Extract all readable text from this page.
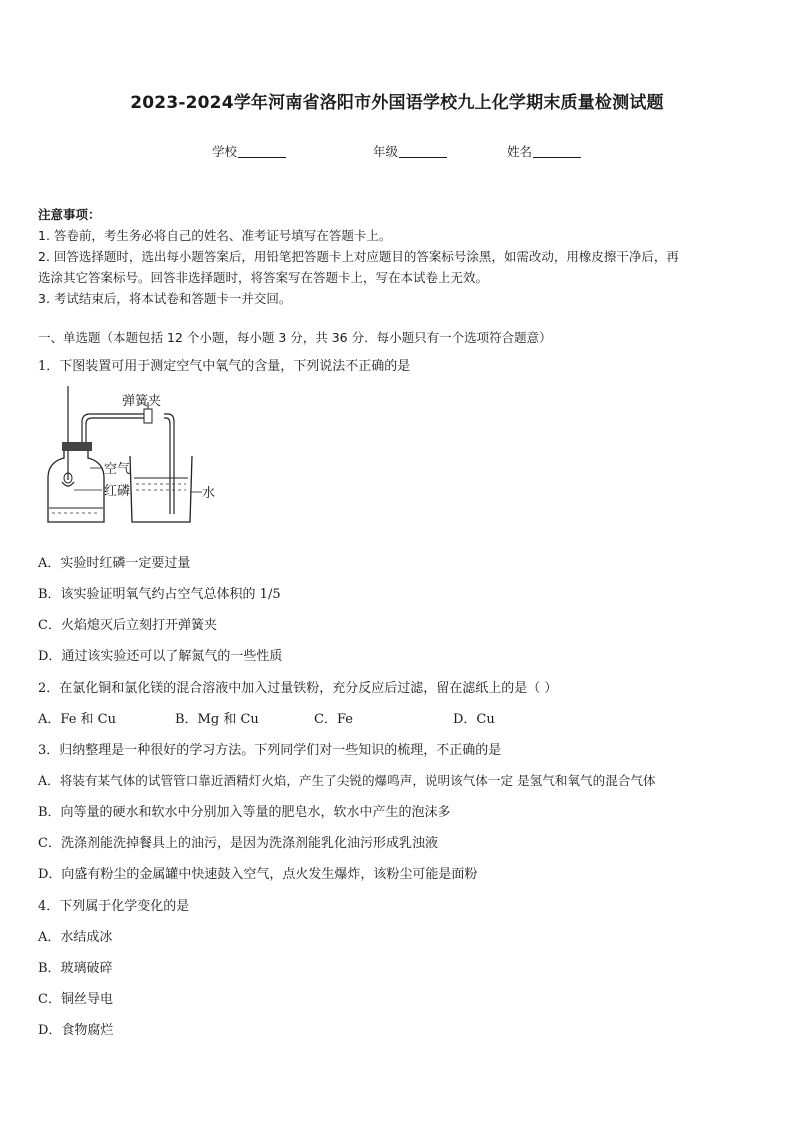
2023-2024学年河南省洛阳市外国语学校九上化学期末质量检测试题
学校	年级	姓名
注意事项：
1. 答卷前，考生务必将自己的姓名、准考证号填写在答题卡上。
2. 回答选择题时，选出每小题答案后，用铅笔把答题卡上对应题目的答案标号涂黑，如需改动，用橡皮擦干净后，再
选涂其它答案标号。回答非选择题时，将答案写在答题卡上，写在本试卷上无效。
3. 考试结束后，将本试卷和答题卡一并交回。
一、单选题（本题包括 12 个小题，每小题 3 分，共 36 分．每小题只有一个选项符合题意）
1．下图装置可用于测定空气中氧气的含量，下列说法不正确的是
弹簧夹
空气
红磷	水
A．实验时红磷一定要过量
B．该实验证明氧气约占空气总体积的 1/5
C．火焰熄灭后立刻打开弹簧夹
D．通过该实验还可以了解氮气的一些性质
2．在氯化铜和氯化镁的混合溶液中加入过量铁粉，充分反应后过滤，留在滤纸上的是（ ）
A．Fe 和 Cu	B．Mg 和 Cu	C．Fe	D．Cu
3．归纳整理是一种很好的学习方法。下列同学们对一些知识的梳理，不正确的是
A．将装有某气体的试管管口靠近酒精灯火焰，产生了尖锐的爆鸣声，说明该气体一定 是氢气和氧气的混合气体
B．向等量的硬水和软水中分别加入等量的肥皂水，软水中产生的泡沫多
C．洗涤剂能洗掉餐具上的油污，是因为洗涤剂能乳化油污形成乳浊液
D．向盛有粉尘的金属罐中快速鼓入空气，点火发生爆炸，该粉尘可能是面粉
4．下列属于化学变化的是
A．水结成冰
B．玻璃破碎
C．铜丝导电
D．食物腐烂
